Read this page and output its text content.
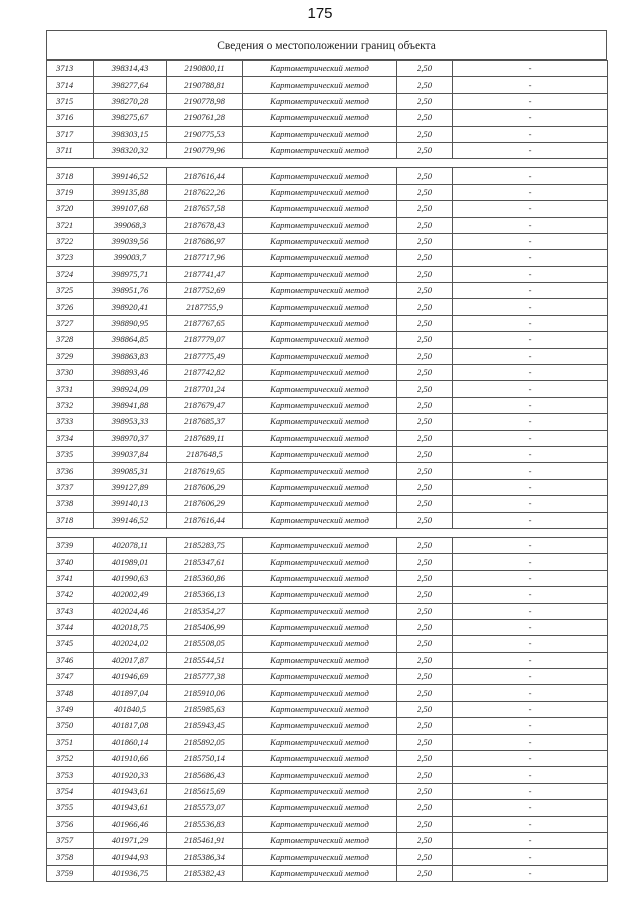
175
Сведения о местоположении границ объекта
3713	398314,43	2190800,11	Картометрический метод	2,50	-
3714	398277,64	2190788,81	Картометрический метод	2,50	-
3715	398270,28	2190778,98	Картометрический метод	2,50	-
3716	398275,67	2190761,28	Картометрический метод	2,50	-
3717	398303,15	2190775,53	Картометрический метод	2,50	-
3711	398320,32	2190779,96	Картометрический метод	2,50	-

3718	399146,52	2187616,44	Картометрический метод	2,50	-
3719	399135,88	2187622,26	Картометрический метод	2,50	-
3720	399107,68	2187657,58	Картометрический метод	2,50	-
3721	399068,3	2187678,43	Картометрический метод	2,50	-
3722	399039,56	2187686,97	Картометрический метод	2,50	-
3723	399003,7	2187717,96	Картометрический метод	2,50	-
3724	398975,71	2187741,47	Картометрический метод	2,50	-
3725	398951,76	2187752,69	Картометрический метод	2,50	-
3726	398920,41	2187755,9	Картометрический метод	2,50	-
3727	398890,95	2187767,65	Картометрический метод	2,50	-
3728	398864,85	2187779,07	Картометрический метод	2,50	-
3729	398863,83	2187775,49	Картометрический метод	2,50	-
3730	398893,46	2187742,82	Картометрический метод	2,50	-
3731	398924,09	2187701,24	Картометрический метод	2,50	-
3732	398941,88	2187679,47	Картометрический метод	2,50	-
3733	398953,33	2187685,37	Картометрический метод	2,50	-
3734	398970,37	2187689,11	Картометрический метод	2,50	-
3735	399037,84	2187648,5	Картометрический метод	2,50	-
3736	399085,31	2187619,65	Картометрический метод	2,50	-
3737	399127,89	2187606,29	Картометрический метод	2,50	-
3738	399140,13	2187606,29	Картометрический метод	2,50	-
3718	399146,52	2187616,44	Картометрический метод	2,50	-

3739	402078,11	2185283,75	Картометрический метод	2,50	-
3740	401989,01	2185347,61	Картометрический метод	2,50	-
3741	401990,63	2185360,86	Картометрический метод	2,50	-
3742	402002,49	2185366,13	Картометрический метод	2,50	-
3743	402024,46	2185354,27	Картометрический метод	2,50	-
3744	402018,75	2185406,99	Картометрический метод	2,50	-
3745	402024,02	2185508,05	Картометрический метод	2,50	-
3746	402017,87	2185544,51	Картометрический метод	2,50	-
3747	401946,69	2185777,38	Картометрический метод	2,50	-
3748	401897,04	2185910,06	Картометрический метод	2,50	-
3749	401840,5	2185985,63	Картометрический метод	2,50	-
3750	401817,08	2185943,45	Картометрический метод	2,50	-
3751	401860,14	2185892,05	Картометрический метод	2,50	-
3752	401910,66	2185750,14	Картометрический метод	2,50	-
3753	401920,33	2185686,43	Картометрический метод	2,50	-
3754	401943,61	2185615,69	Картометрический метод	2,50	-
3755	401943,61	2185573,07	Картометрический метод	2,50	-
3756	401966,46	2185536,83	Картометрический метод	2,50	-
3757	401971,29	2185461,91	Картометрический метод	2,50	-
3758	401944,93	2185386,34	Картометрический метод	2,50	-
3759	401936,75	2185382,43	Картометрический метод	2,50	-
